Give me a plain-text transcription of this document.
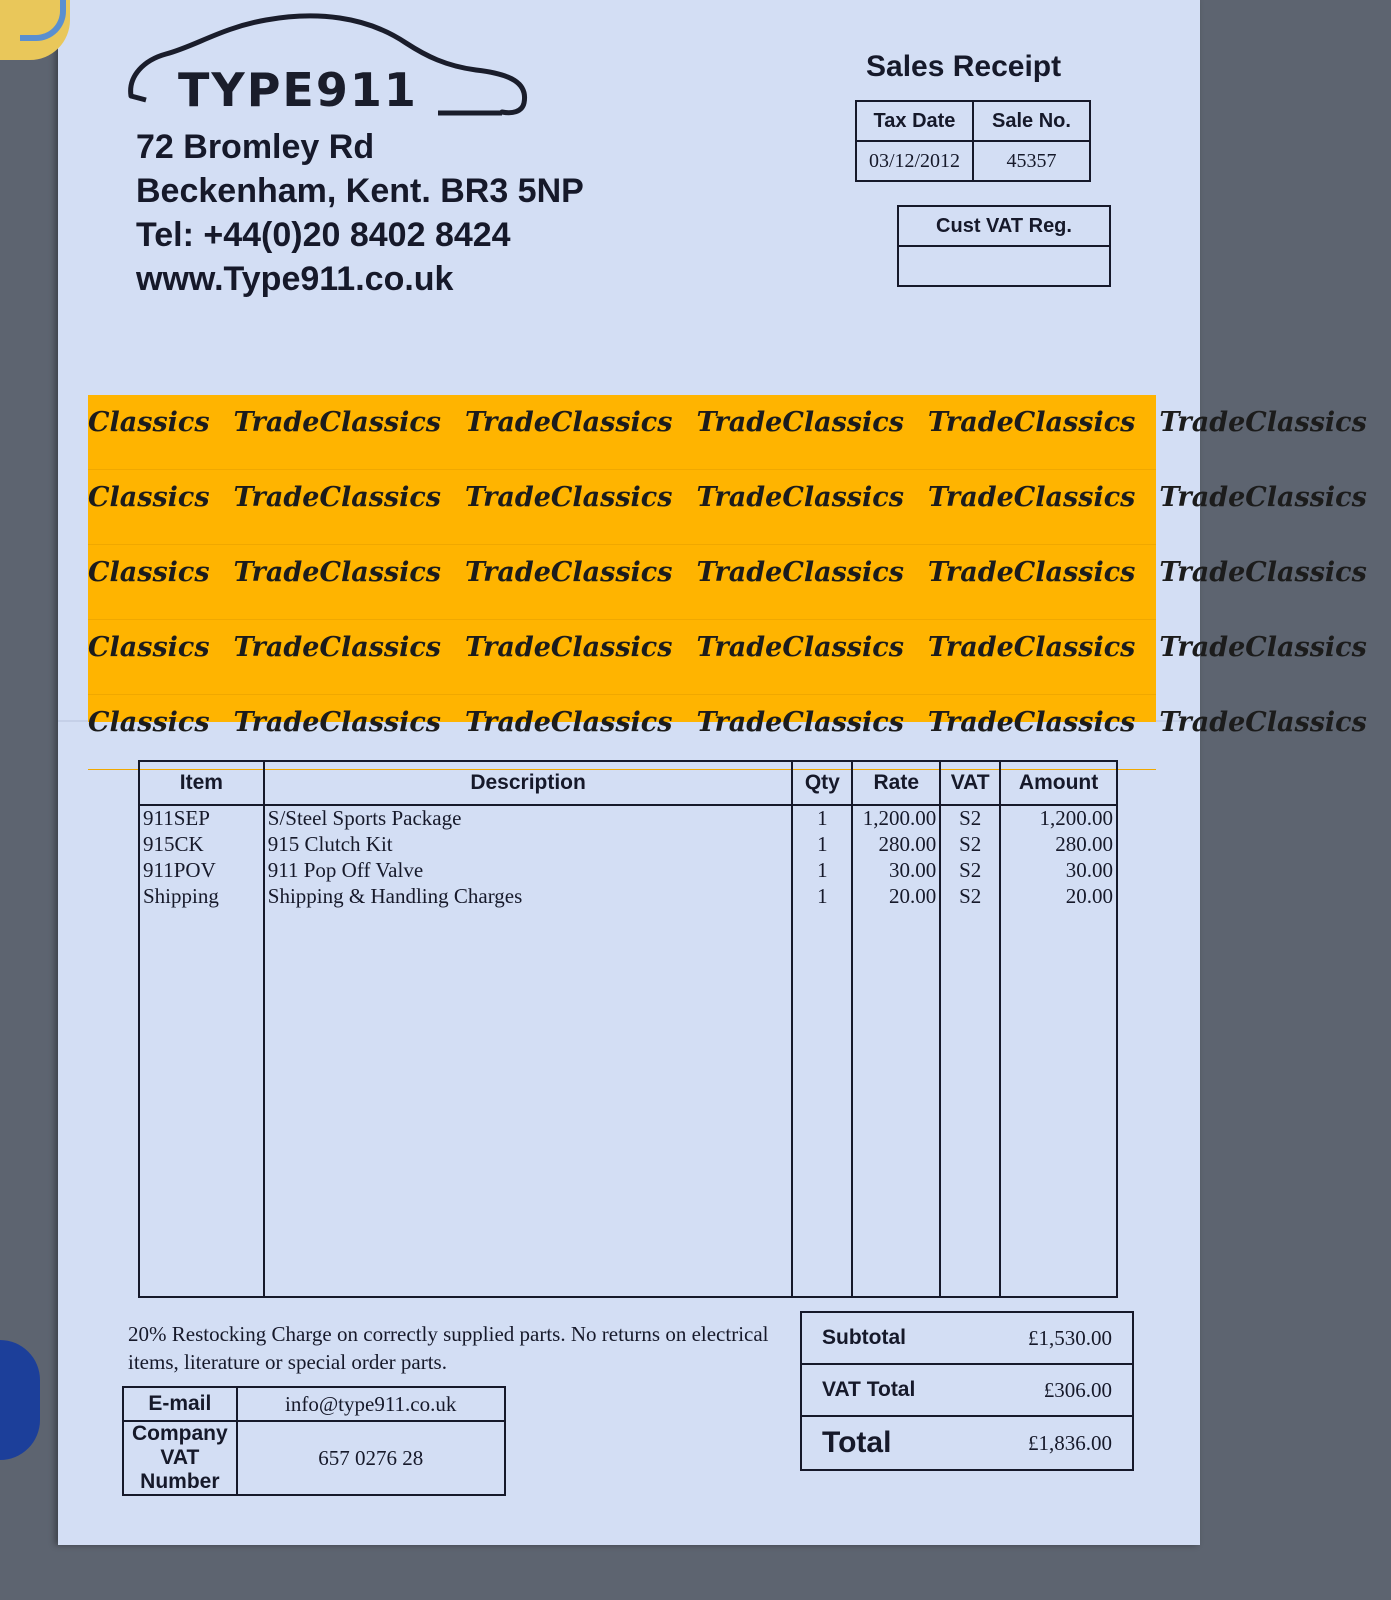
TYPE911
72 Bromley Rd
Beckenham, Kent. BR3 5NP
Tel: +44(0)20 8402 8424
www.Type911.co.uk
Sales Receipt
Tax Date	Sale No.
03/12/2012	45357
Cust VAT Reg.

Classics TradeClassics TradeClassics TradeClassics TradeClassics TradeClassics
Classics TradeClassics TradeClassics TradeClassics TradeClassics TradeClassics
Classics TradeClassics TradeClassics TradeClassics TradeClassics TradeClassics
Classics TradeClassics TradeClassics TradeClassics TradeClassics TradeClassics
Classics TradeClassics TradeClassics TradeClassics TradeClassics TradeClassics
Item	Description	Qty	Rate	VAT	Amount
911SEP	S/Steel Sports Package	1	1,200.00	S2	1,200.00
915CK	915 Clutch Kit	1	280.00	S2	280.00
911POV	911 Pop Off Valve	1	30.00	S2	30.00
Shipping	Shipping & Handling Charges	1	20.00	S2	20.00

20% Restocking Charge on correctly supplied parts. No returns on electrical items, literature or special order parts.
E-mail	info@type911.co.uk
Company VAT Number	657 0276 28
Subtotal	£1,530.00
VAT Total	£306.00
Total	£1,836.00
